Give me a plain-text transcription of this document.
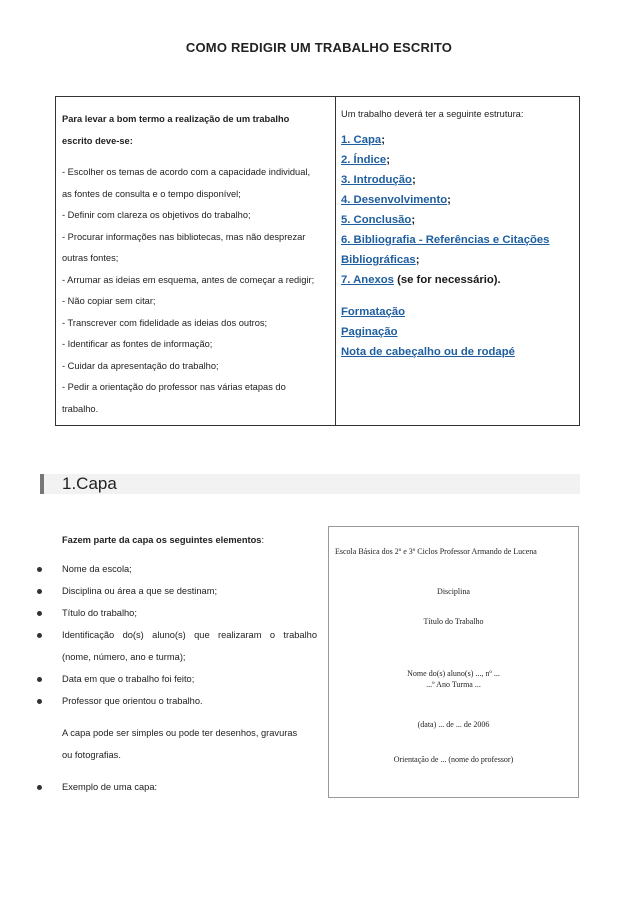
COMO REDIGIR UM TRABALHO ESCRITO
Para levar a bom termo a realização de um trabalho
escrito deve-se:
- Escolher os temas de acordo com a capacidade individual,
as fontes de consulta e o tempo disponível;
- Definir com clareza os objetivos do trabalho;
- Procurar informações nas bibliotecas, mas não desprezar
outras fontes;
- Arrumar as ideias em esquema, antes de começar a redigir;
- Não copiar sem citar;
- Transcrever com fidelidade as ideias dos outros;
- Identificar as fontes de informação;
- Cuidar da apresentação do trabalho;
- Pedir a orientação do professor nas várias etapas do
trabalho.
Um trabalho deverá ter a seguinte estrutura:
1. Capa;
2. Índice;
3. Introdução;
4. Desenvolvimento;
5. Conclusão;
6. Bibliografia - Referências e Citações
Bibliográficas;
7. Anexos (se for necessário).
Formatação
Paginação
Nota de cabeçalho ou de rodapé
1.Capa
Fazem parte da capa os seguintes elementos:
Nome da escola;
Disciplina ou área a que se destinam;
Título do trabalho;
Identificação do(s) aluno(s) que realizaram o trabalho
(nome, número, ano e turma);
Data em que o trabalho foi feito;
Professor que orientou o trabalho.
A capa pode ser simples ou pode ter desenhos, gravuras
ou fotografias.
Exemplo de uma capa:
Escola Básica dos 2º e 3º Ciclos Professor Armando de Lucena
Disciplina
Título do Trabalho
Nome do(s) aluno(s) ..., nº ...
...º Ano Turma ...
(data) ... de ... de 2006
Orientação de ... (nome do professor)
